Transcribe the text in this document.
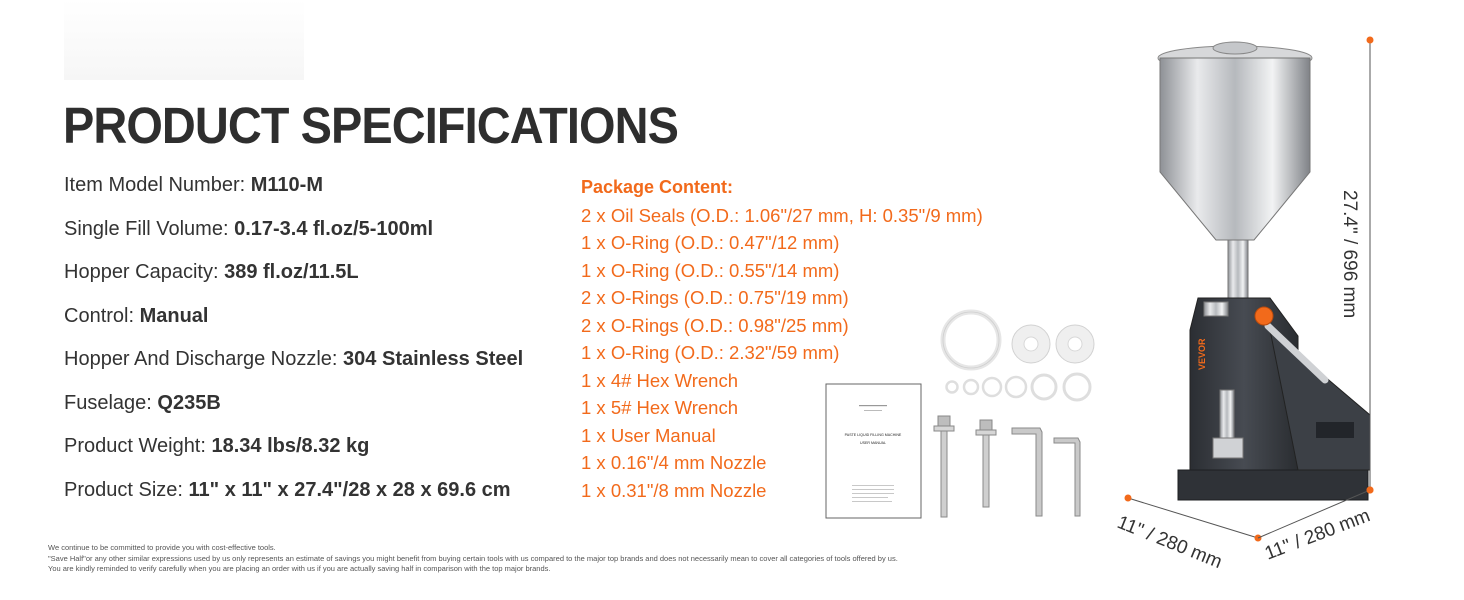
PRODUCT SPECIFICATIONS
Item Model Number: M110-M
Single Fill Volume: 0.17-3.4 fl.oz/5-100ml
Hopper Capacity: 389 fl.oz/11.5L
Control: Manual
Hopper And Discharge Nozzle: 304 Stainless Steel
Fuselage: Q235B
Product Weight: 18.34 lbs/8.32 kg
Product Size: 11" x 11" x 27.4"/28 x 28 x 69.6 cm
Package Content:
2 x Oil Seals (O.D.: 1.06"/27 mm, H: 0.35"/9 mm)
1 x O-Ring (O.D.: 0.47"/12 mm)
1 x O-Ring (O.D.: 0.55"/14 mm)
2 x O-Rings (O.D.: 0.75"/19 mm)
2 x O-Rings (O.D.: 0.98"/25 mm)
1 x O-Ring (O.D.: 2.32"/59 mm)
1 x 4# Hex Wrench
1 x 5# Hex Wrench
1 x User Manual
1 x 0.16"/4 mm Nozzle
1 x 0.31"/8 mm Nozzle
PASTE LIQUID FILLING MACHINE
USER MANUAL
VEVOR
27.4" / 696 mm
11" / 280 mm 11" / 280 mm
We continue to be committed to provide you with cost-effective tools.
"Save Half"or any other similar expressions used by us only represents an estimate of savings you might benefit from buying certain tools with us compared to the major top brands and does not necessarily mean to cover all categories of tools offered by us.
You are kindly reminded to verify carefully when you are placing an order with us if you are actually saving half in comparison with the top major brands.
